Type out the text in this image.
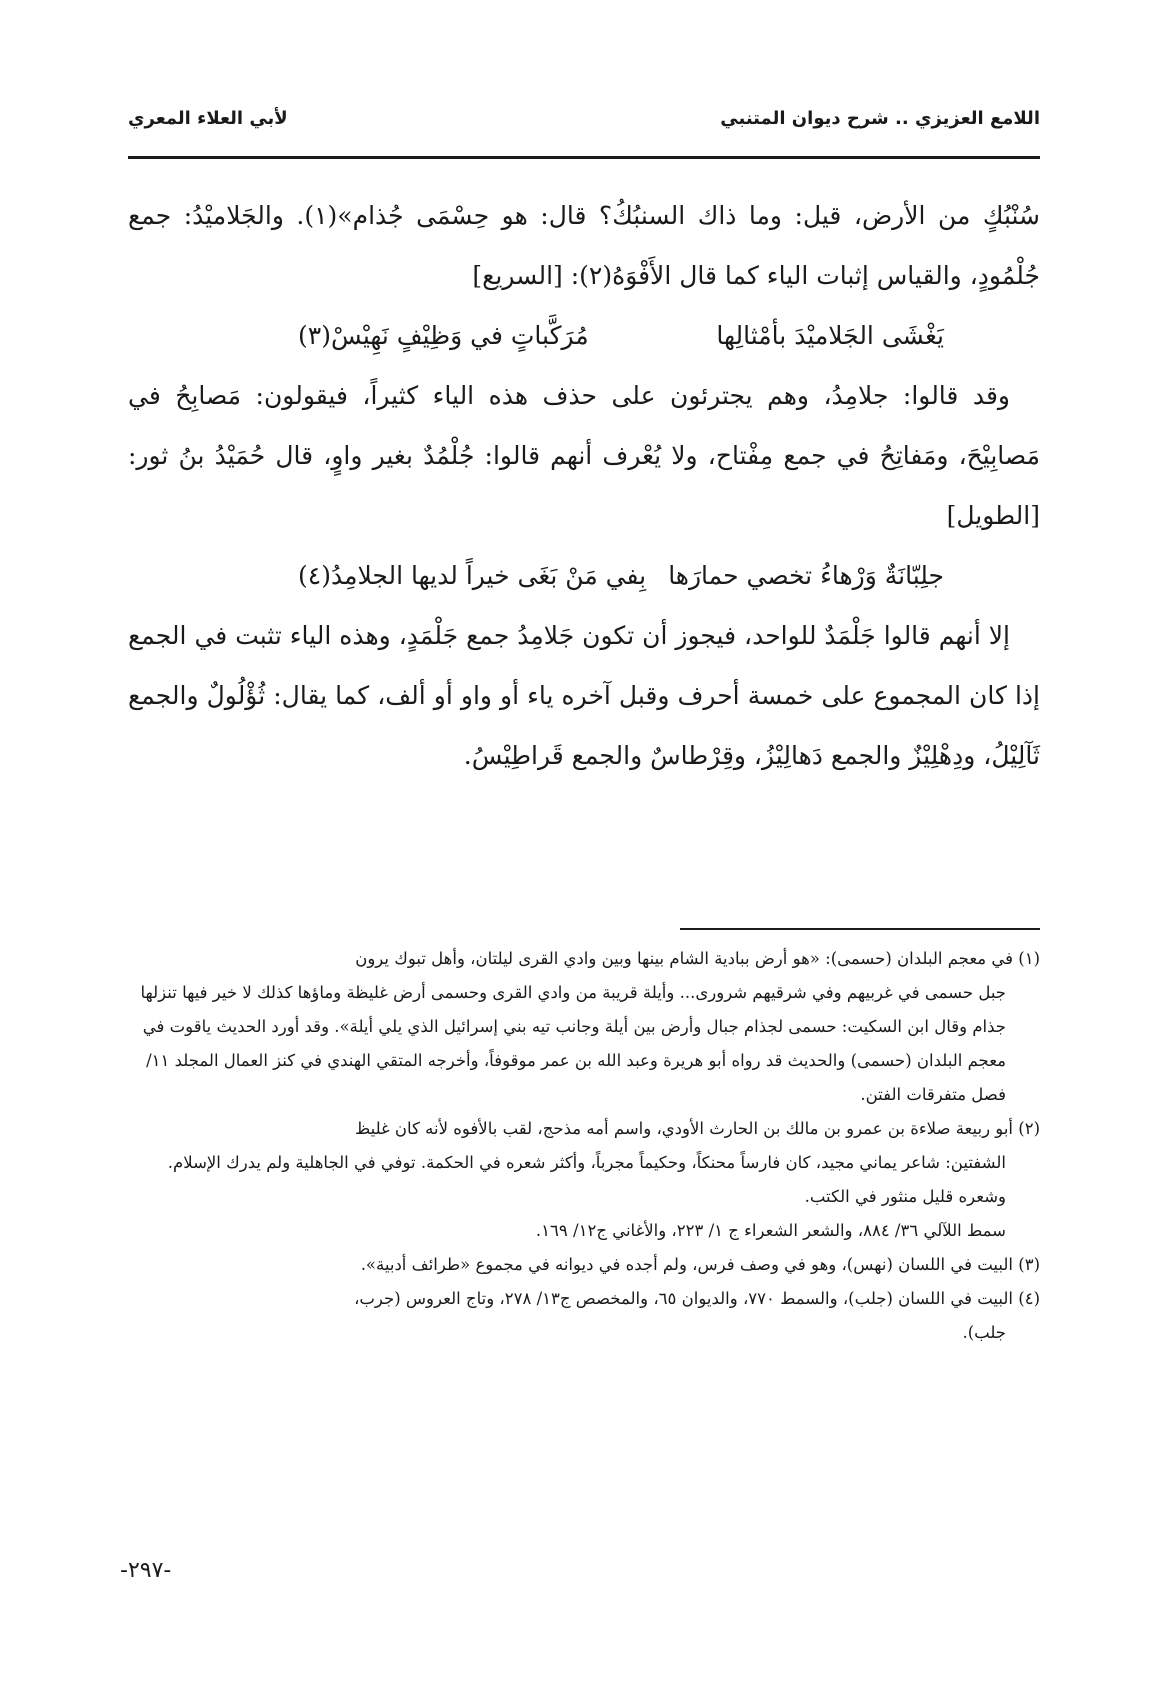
اللامع العزيزي .. شرح ديوان المتنبي
لأبي العلاء المعري

سُنْبُكٍ من الأرض، قيل: وما ذاك السنبُكُ؟ قال: هو حِسْمَى جُذام»(١). والجَلاميْدُ: جمع جُلْمُودٍ، والقياس إثبات الياء كما قال الأَفْوَهُ(٢): [السريع]

يَغْشَى الجَلاميْدَ بأمْثالِها
مُرَكَّباتٍ في وَظِيْفٍ نَهِيْسْ(٣)

وقد قالوا: جلامِدُ، وهم يجترئون على حذف هذه الياء كثيراً، فيقولون: مَصابِحُ في مَصابِيْحَ، ومَفاتِحُ في جمع مِفْتاح، ولا يُعْرف أنهم قالوا: جُلْمُدٌ بغير واوٍ، قال حُمَيْدُ بنُ ثور: [الطويل]

جلِبّانَةٌ وَرْهاءُ تخصي حمارَها
بِفي مَنْ بَغَى خيراً لديها الجلامِدُ(٤)

إلا أنهم قالوا جَلْمَدٌ للواحد، فيجوز أن تكون جَلامِدُ جمع جَلْمَدٍ، وهذه الياء تثبت في الجمع إذا كان المجموع على خمسة أحرف وقبل آخره ياء أو واو أو ألف، كما يقال: ثُؤْلُولٌ والجمع ثَآلِيْلُ، ودِهْلِيْزٌ والجمع دَهالِيْزُ، وقِرْطاسٌ والجمع قَراطِيْسُ.

(١) في معجم البلدان (حسمى): «هو أرض ببادية الشام بينها وبين وادي القرى ليلتان، وأهل تبوك يرون

جبل حسمى في غربيهم وفي شرقيهم شرورى... وأيلة قريبة من وادي القرى وحسمى أرض غليظة وماؤها كذلك لا خير فيها تنزلها جذام وقال ابن السكيت: حسمى لجذام جبال وأرض بين أيلة وجانب تيه بني إسرائيل الذي يلي أيلة». وقد أورد الحديث ياقوت في معجم البلدان (حسمى) والحديث قد رواه أبو هريرة وعبد الله بن عمر موقوفاً، وأخرجه المتقي الهندي في كنز العمال المجلد ١١/ فصل متفرقات الفتن.

(٢) أبو ربيعة صلاءة بن عمرو بن مالك بن الحارث الأودي، واسم أمه مذحج، لقب بالأفوه لأنه كان غليظ

الشفتين: شاعر يماني مجيد، كان فارساً محنكاً، وحكيماً مجرباً، وأكثر شعره في الحكمة. توفي في الجاهلية ولم يدرك الإسلام. وشعره قليل منثور في الكتب.

سمط اللآلي ٣٦/ ٨٨٤، والشعر الشعراء ج ١/ ٢٢٣، والأغاني ج١٢/ ١٦٩.

(٣) البيت في اللسان (نهس)، وهو في وصف فرس، ولم أجده في ديوانه في مجموع «طرائف أدبية».

(٤) البيت في اللسان (جلب)، والسمط ٧٧٠، والديوان ٦٥، والمخصص ج١٣/ ٢٧٨، وتاج العروس (جرب،

جلب).

-٢٩٧-
